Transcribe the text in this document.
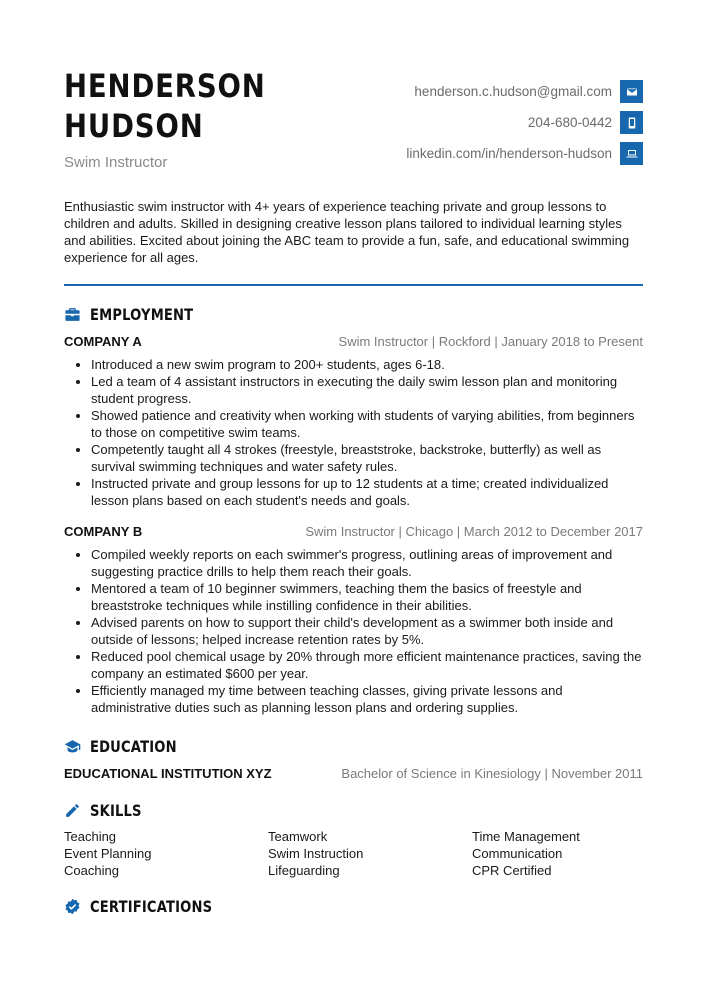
HENDERSON
HUDSON
Swim Instructor
henderson.c.hudson@gmail.com
204-680-0442
linkedin.com/in/henderson-hudson
Enthusiastic swim instructor with 4+ years of experience teaching private and group lessons to children and adults. Skilled in designing creative lesson plans tailored to individual learning styles and abilities. Excited about joining the ABC team to provide a fun, safe, and educational swimming experience for all ages.
EMPLOYMENT
COMPANY A	Swim Instructor | Rockford | January 2018 to Present
• Introduced a new swim program to 200+ students, ages 6-18.
• Led a team of 4 assistant instructors in executing the daily swim lesson plan and monitoring student progress.
• Showed patience and creativity when working with students of varying abilities, from beginners to those on competitive swim teams.
• Competently taught all 4 strokes (freestyle, breaststroke, backstroke, butterfly) as well as survival swimming techniques and water safety rules.
• Instructed private and group lessons for up to 12 students at a time; created individualized lesson plans based on each student's needs and goals.
COMPANY B	Swim Instructor | Chicago | March 2012 to December 2017
• Compiled weekly reports on each swimmer's progress, outlining areas of improvement and suggesting practice drills to help them reach their goals.
• Mentored a team of 10 beginner swimmers, teaching them the basics of freestyle and breaststroke techniques while instilling confidence in their abilities.
• Advised parents on how to support their child's development as a swimmer both inside and outside of lessons; helped increase retention rates by 5%.
• Reduced pool chemical usage by 20% through more efficient maintenance practices, saving the company an estimated $600 per year.
• Efficiently managed my time between teaching classes, giving private lessons and administrative duties such as planning lesson plans and ordering supplies.
EDUCATION
EDUCATIONAL INSTITUTION XYZ	Bachelor of Science in Kinesiology | November 2011
SKILLS
Teaching	Teamwork	Time Management
Event Planning	Swim Instruction	Communication
Coaching	Lifeguarding	CPR Certified
CERTIFICATIONS
